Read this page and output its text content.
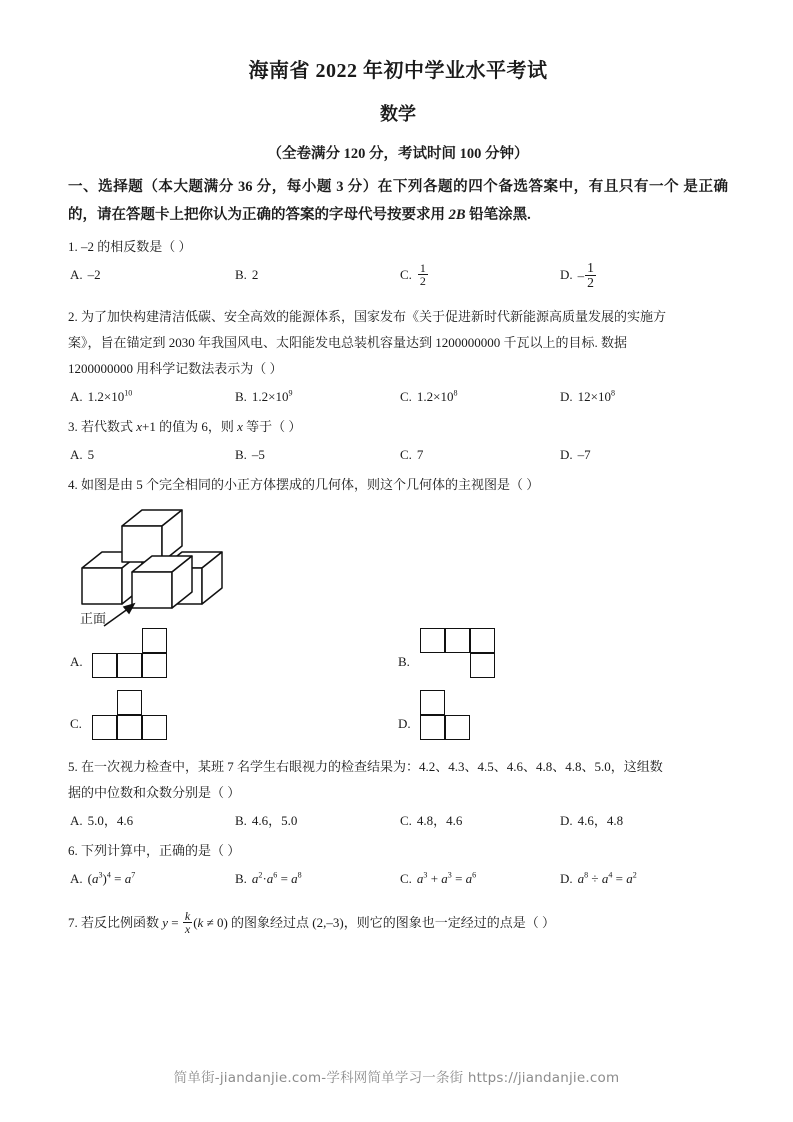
海南省 2022 年初中学业水平考试
数学
（全卷满分 120 分，考试时间 100 分钟）
一、选择题（本大题满分 36 分，每小题 3 分）在下列各题的四个备选答案中，有且只有一个 是正确的，请在答题卡上把你认为正确的答案的字母代号按要求用 2B 铅笔涂黑.
1. –2 的相反数是（ ）
A. –2	B. 2	C. $\frac{1}{2}$	D. – $\frac{1}{2}$
2. 为了加快构建清洁低碳、安全高效的能源体系，国家发布《关于促进新时代新能源高质量发展的实施方
案》，旨在锚定到 2030 年我国风电、太阳能发电总装机容量达到 1200000000 千瓦以上的目标. 数据
1200000000 用科学记数法表示为（ ）
A. $1.2\times 10^{10}$	B. $1.2\times 10^9$	C. $1.2\times 10^8$	D. $12\times 10^8$
3. 若代数式 x+1 的值为 6，则 x 等于（ ）
A. 5	B. –5	C. 7	D. –7
4. 如图是由 5 个完全相同的小正方体摆成的几何体，则这个几何体的主视图是（ ）
正面
A.	B.
C.	D.
5. 在一次视力检查中，某班 7 名学生右眼视力的检查结果为：4.2、4.3、4.5、4.6、4.8、4.8、5.0，这组数
据的中位数和众数分别是（ ）
A. 5.0，4.6	B. 4.6，5.0	C. 4.8，4.6	D. 4.6，4.8
6. 下列计算中，正确的是（ ）
A. $(a^3)^4 = a^7$	B. $a^2\cdot a^6 = a^8$	C. $a^3 + a^3 = a^6$	D. $a^8 \div a^4 = a^2$
7. 若反比例函数 $y = \frac{k}{x} (k \ne 0)$ 的图象经过点 (2,–3)，则它的图象也一定经过的点是（ ）
简单街-jiandanjie.com-学科网简单学习一条街 https://jiandanjie.com
